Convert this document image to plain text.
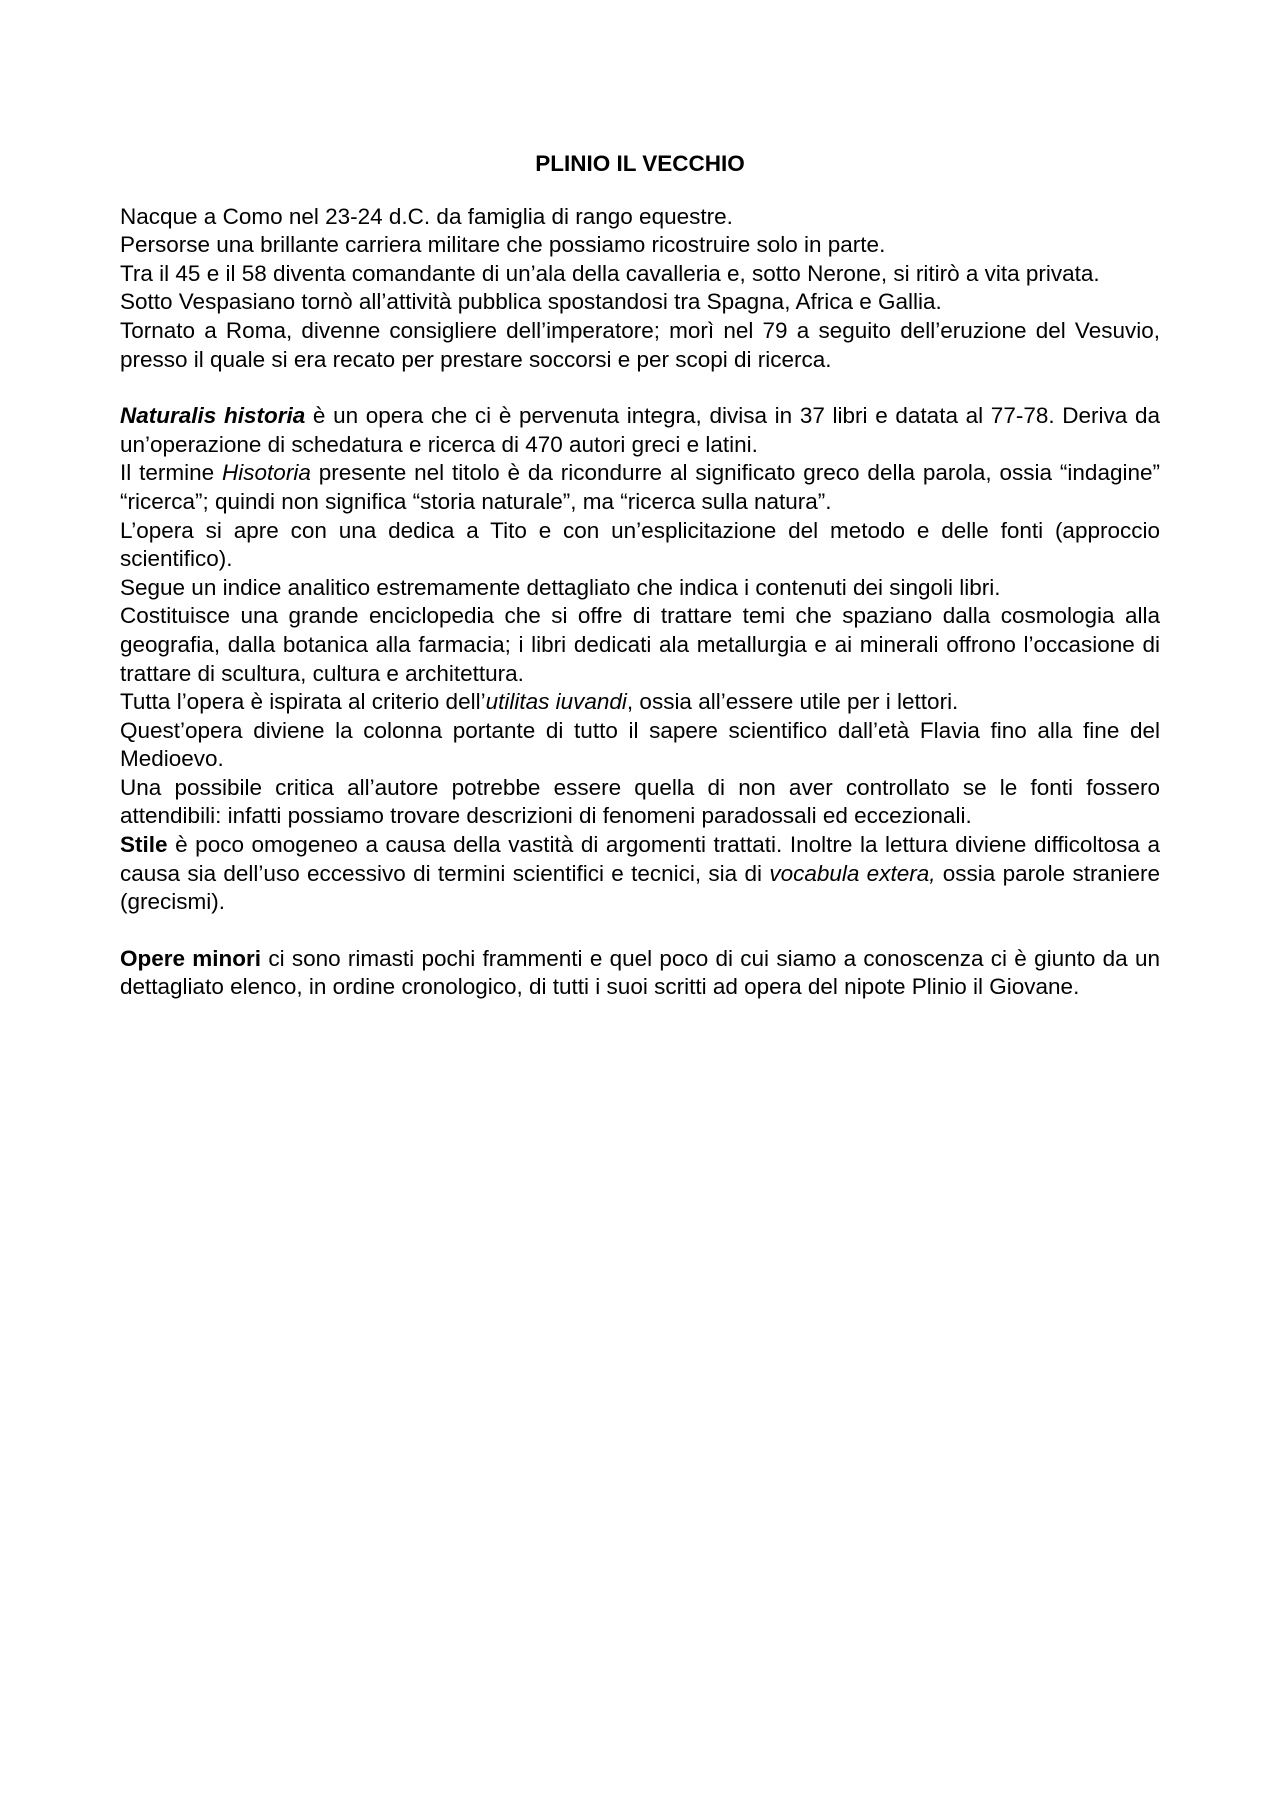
PLINIO IL VECCHIO

Nacque a Como nel 23-24 d.C. da famiglia di rango equestre.

Persorse una brillante carriera militare che possiamo ricostruire solo in parte.

Tra il 45 e il 58 diventa comandante di un’ala della cavalleria e, sotto Nerone, si ritirò a vita privata.

Sotto Vespasiano tornò all’attività pubblica spostandosi tra Spagna, Africa e Gallia.

Tornato a Roma, divenne consigliere dell’imperatore; morì nel 79 a seguito dell’eruzione del Vesuvio, presso il quale si era recato per prestare soccorsi e per scopi di ricerca.

Naturalis historia è un opera che ci è pervenuta integra, divisa in 37 libri e datata al 77-78. Deriva da un’operazione di schedatura e ricerca di 470 autori greci e latini.

Il termine Hisotoria presente nel titolo è da ricondurre al significato greco della parola, ossia “indagine” “ricerca”; quindi non significa “storia naturale”, ma “ricerca sulla natura”.

L’opera si apre con una dedica a Tito e con un’esplicitazione del metodo e delle fonti (approccio scientifico).

Segue un indice analitico estremamente dettagliato che indica i contenuti dei singoli libri.

Costituisce una grande enciclopedia che si offre di trattare temi che spaziano dalla cosmologia alla geografia, dalla botanica alla farmacia; i libri dedicati ala metallurgia e ai minerali offrono l’occasione di trattare di scultura, cultura e architettura.

Tutta l’opera è ispirata al criterio dell’utilitas iuvandi, ossia all’essere utile per i lettori.

Quest’opera diviene la colonna portante di tutto il sapere scientifico dall’età Flavia fino alla fine del Medioevo.

Una possibile critica all’autore potrebbe essere quella di non aver controllato se le fonti fossero attendibili: infatti possiamo trovare descrizioni di fenomeni paradossali ed eccezionali.

Stile è poco omogeneo a causa della vastità di argomenti trattati. Inoltre la lettura diviene difficoltosa a causa sia dell’uso eccessivo di termini scientifici e tecnici, sia di vocabula extera, ossia parole straniere (grecismi).

Opere minori ci sono rimasti pochi frammenti e quel poco di cui siamo a conoscenza ci è giunto da un dettagliato elenco, in ordine cronologico, di tutti i suoi scritti ad opera del nipote Plinio il Giovane.
